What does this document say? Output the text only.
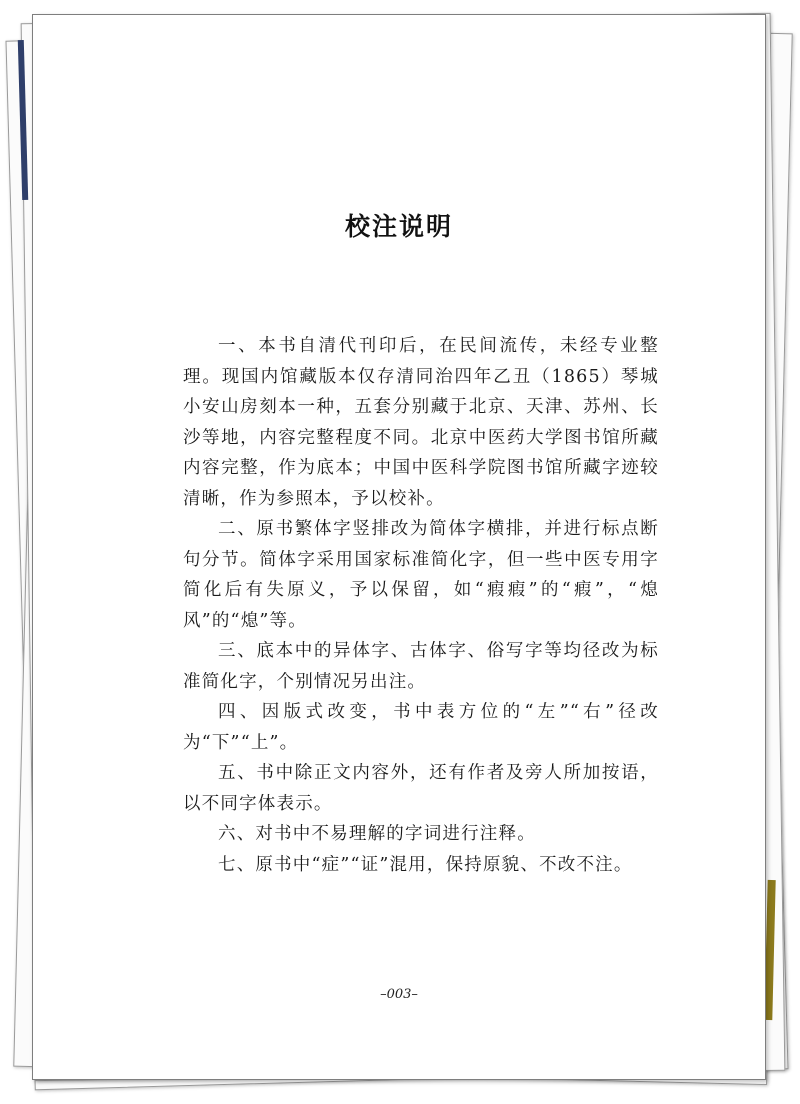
校注说明

一、本书自清代刊印后，在民间流传，未经专业整理。现国内馆藏版本仅存清同治四年乙丑（1865）琴城小安山房刻本一种，五套分别藏于北京、天津、苏州、长沙等地，内容完整程度不同。北京中医药大学图书馆所藏内容完整，作为底本；中国中医科学院图书馆所藏字迹较清晰，作为参照本，予以校补。

二、原书繁体字竖排改为简体字横排，并进行标点断句分节。简体字采用国家标准简化字，但一些中医专用字简化后有失原义，予以保留，如“瘕瘕”的“瘕”，“熄风”的“熄”等。

三、底本中的异体字、古体字、俗写字等均径改为标准简化字，个别情况另出注。

四、因版式改变，书中表方位的“左”“右”径改为“下”“上”。

五、书中除正文内容外，还有作者及旁人所加按语，以不同字体表示。

六、对书中不易理解的字词进行注释。

七、原书中“症”“证”混用，保持原貌、不改不注。

–003–
